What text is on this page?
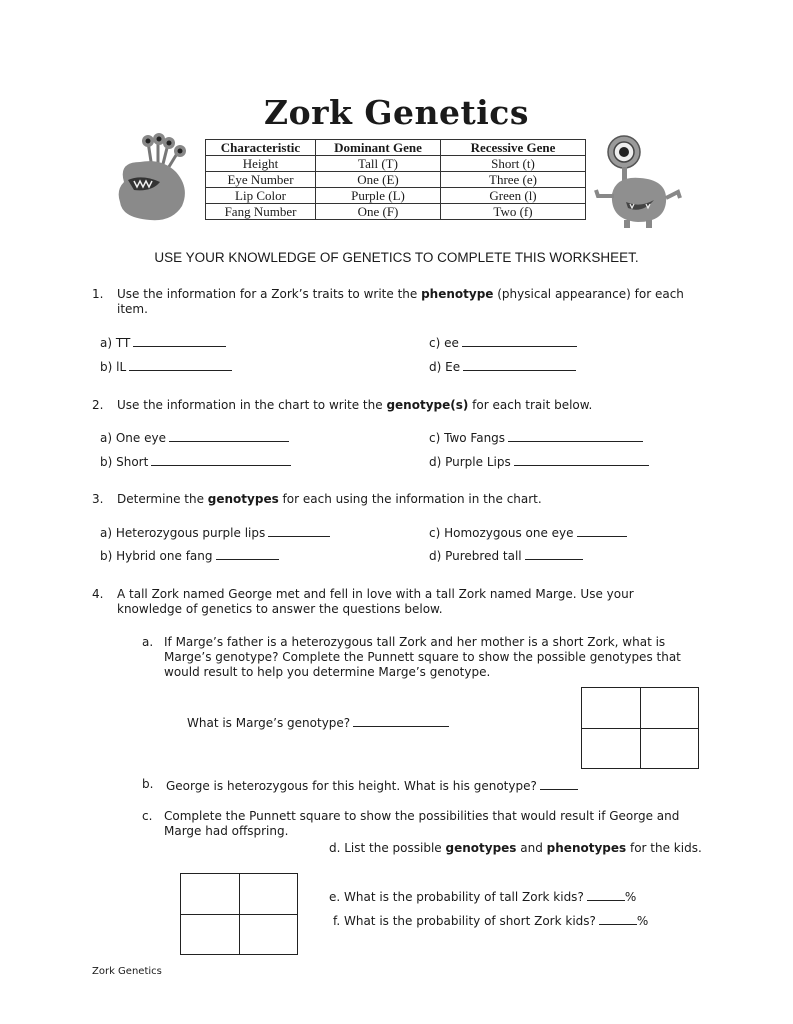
Zork Genetics
Characteristic	Dominant Gene	Recessive Gene
Height	Tall (T)	Short (t)
Eye Number	One (E)	Three (e)
Lip Color	Purple (L)	Green (l)
Fang Number	One (F)	Two (f)
USE YOUR KNOWLEDGE OF GENETICS TO COMPLETE THIS WORKSHEET.
1.	Use the information for a Zork’s traits to write the phenotype (physical appearance) for each item.
a) TT
b) lL
c) ee
d) Ee
2.	Use the information in the chart to write the genotype(s) for each trait below.
a) One eye
b) Short
c) Two Fangs
d) Purple Lips
3.	Determine the genotypes for each using the information in the chart.
a) Heterozygous purple lips
b) Hybrid one fang
c) Homozygous one eye
d) Purebred tall
4.	A tall Zork named George met and fell in love with a tall Zork named Marge. Use your knowledge of genetics to answer the questions below.
a. If Marge’s father is a heterozygous tall Zork and her mother is a short Zork, what is Marge’s genotype? Complete the Punnett square to show the possible genotypes that would result to help you determine Marge’s genotype.
What is Marge’s genotype?
b. George is heterozygous for this height. What is his genotype?
c. Complete the Punnett square to show the possibilities that would result if George and Marge had offspring.
d. List the possible genotypes and phenotypes for the kids.
e. What is the probability of tall Zork kids?	%
f. What is the probability of short Zork kids?	%
Zork Genetics
